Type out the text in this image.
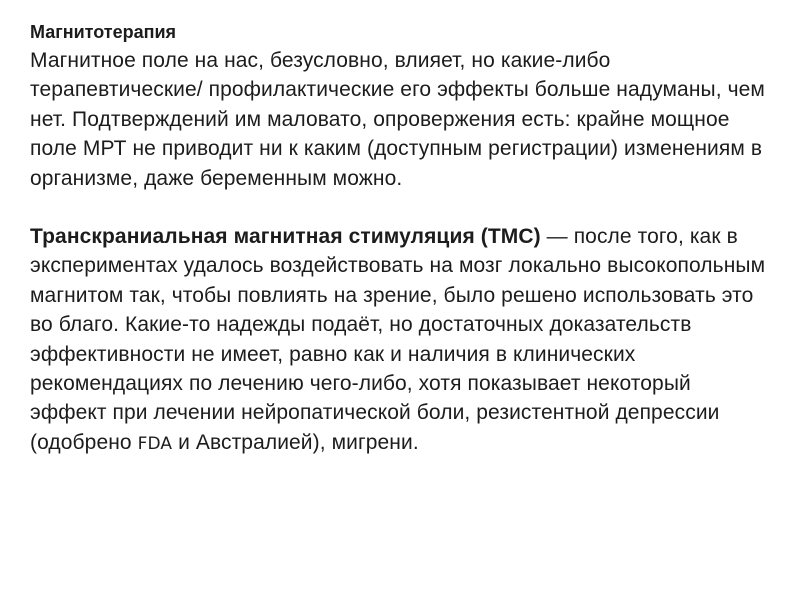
Магнитотерапия

Магнитное поле на нас, безусловно, влияет, но какие-либо терапевтические/ профилактические его эффекты больше надуманы, чем нет. Подтверждений им маловато, опровержения есть: крайне мощное поле МРТ не приводит ни к каким (доступным регистрации) изменениям в организме, даже беременным можно.

Транскраниальная магнитная стимуляция (ТМС) — после того, как в экспериментах удалось воздействовать на мозг локально высокопольным магнитом так, чтобы повлиять на зрение, было решено использовать это во благо. Какие-то надежды подаёт, но достаточных доказательств эффективности не имеет, равно как и наличия в клинических рекомендациях по лечению чего-либо, хотя показывает некоторый эффект при лечении нейропатической боли, резистентной депрессии (одобрено FDA и Австралией), мигрени.
